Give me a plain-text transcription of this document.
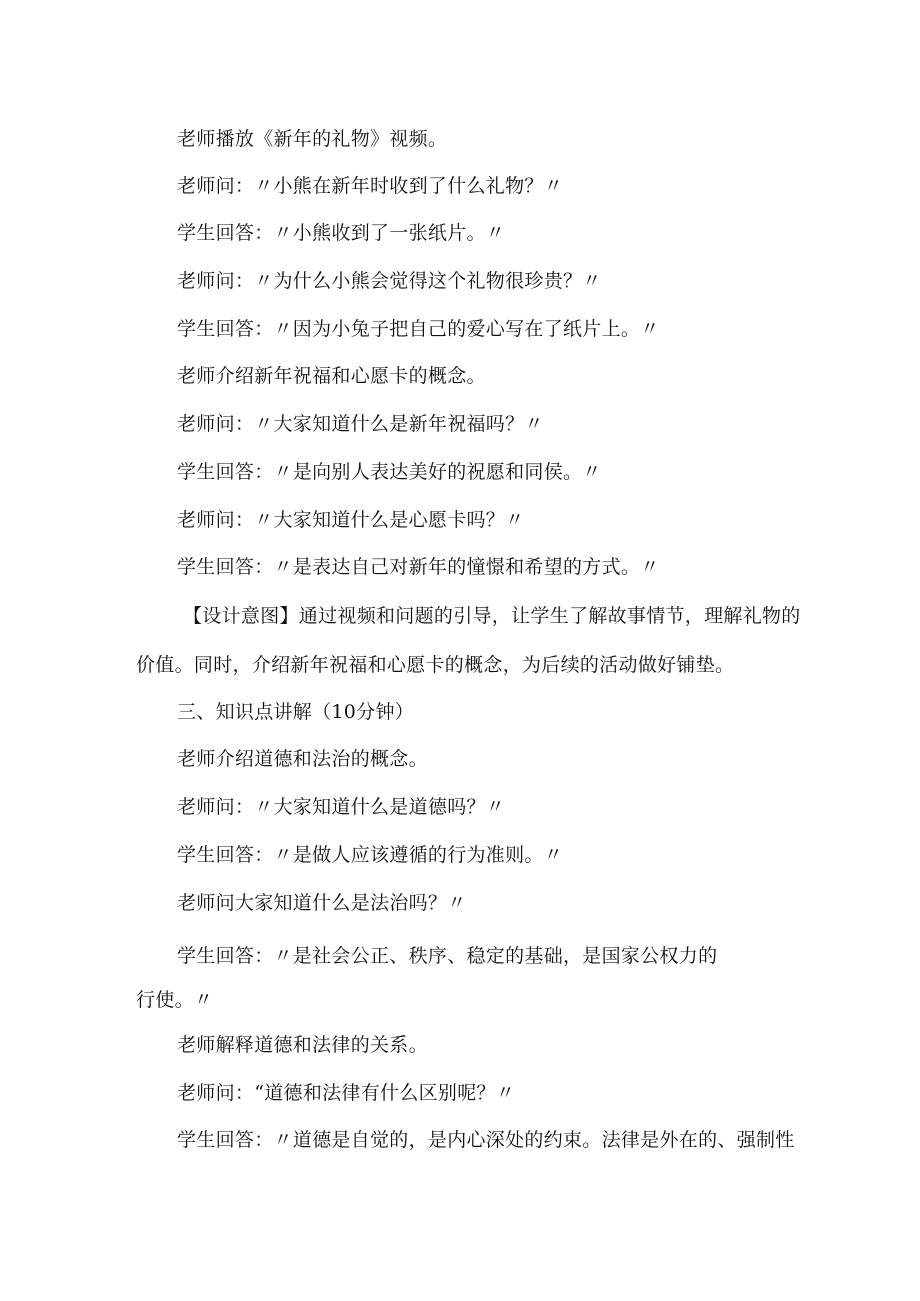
老师播放《新年的礼物》视频。
老师问：〃小熊在新年时收到了什么礼物？〃
学生回答：〃小熊收到了一张纸片。〃
老师问：〃为什么小熊会觉得这个礼物很珍贵？〃
学生回答：〃因为小兔子把自己的爱心写在了纸片上。〃
老师介绍新年祝福和心愿卡的概念。
老师问：〃大家知道什么是新年祝福吗？〃
学生回答：〃是向别人表达美好的祝愿和同侯。〃
老师问：〃大家知道什么是心愿卡吗？〃
学生回答：〃是表达自己对新年的憧憬和希望的方式。〃
【设计意图】通过视频和问题的引导，让学生了解故事情节，理解礼物的
价值。同时，介绍新年祝福和心愿卡的概念，为后续的活动做好铺垫。
三、知识点讲解（10分钟）
老师介绍道德和法治的概念。
老师问：〃大家知道什么是道德吗？〃
学生回答：〃是做人应该遵循的行为准则。〃
老师问大家知道什么是法治吗？〃
学生回答：〃是社会公正、秩序、稳定的基础，是国家公权力的
行使。〃
老师解释道德和法律的关系。
老师问：“道德和法律有什么区别呢？〃
学生回答：〃道德是自觉的，是内心深处的约束。法律是外在的、强制性
